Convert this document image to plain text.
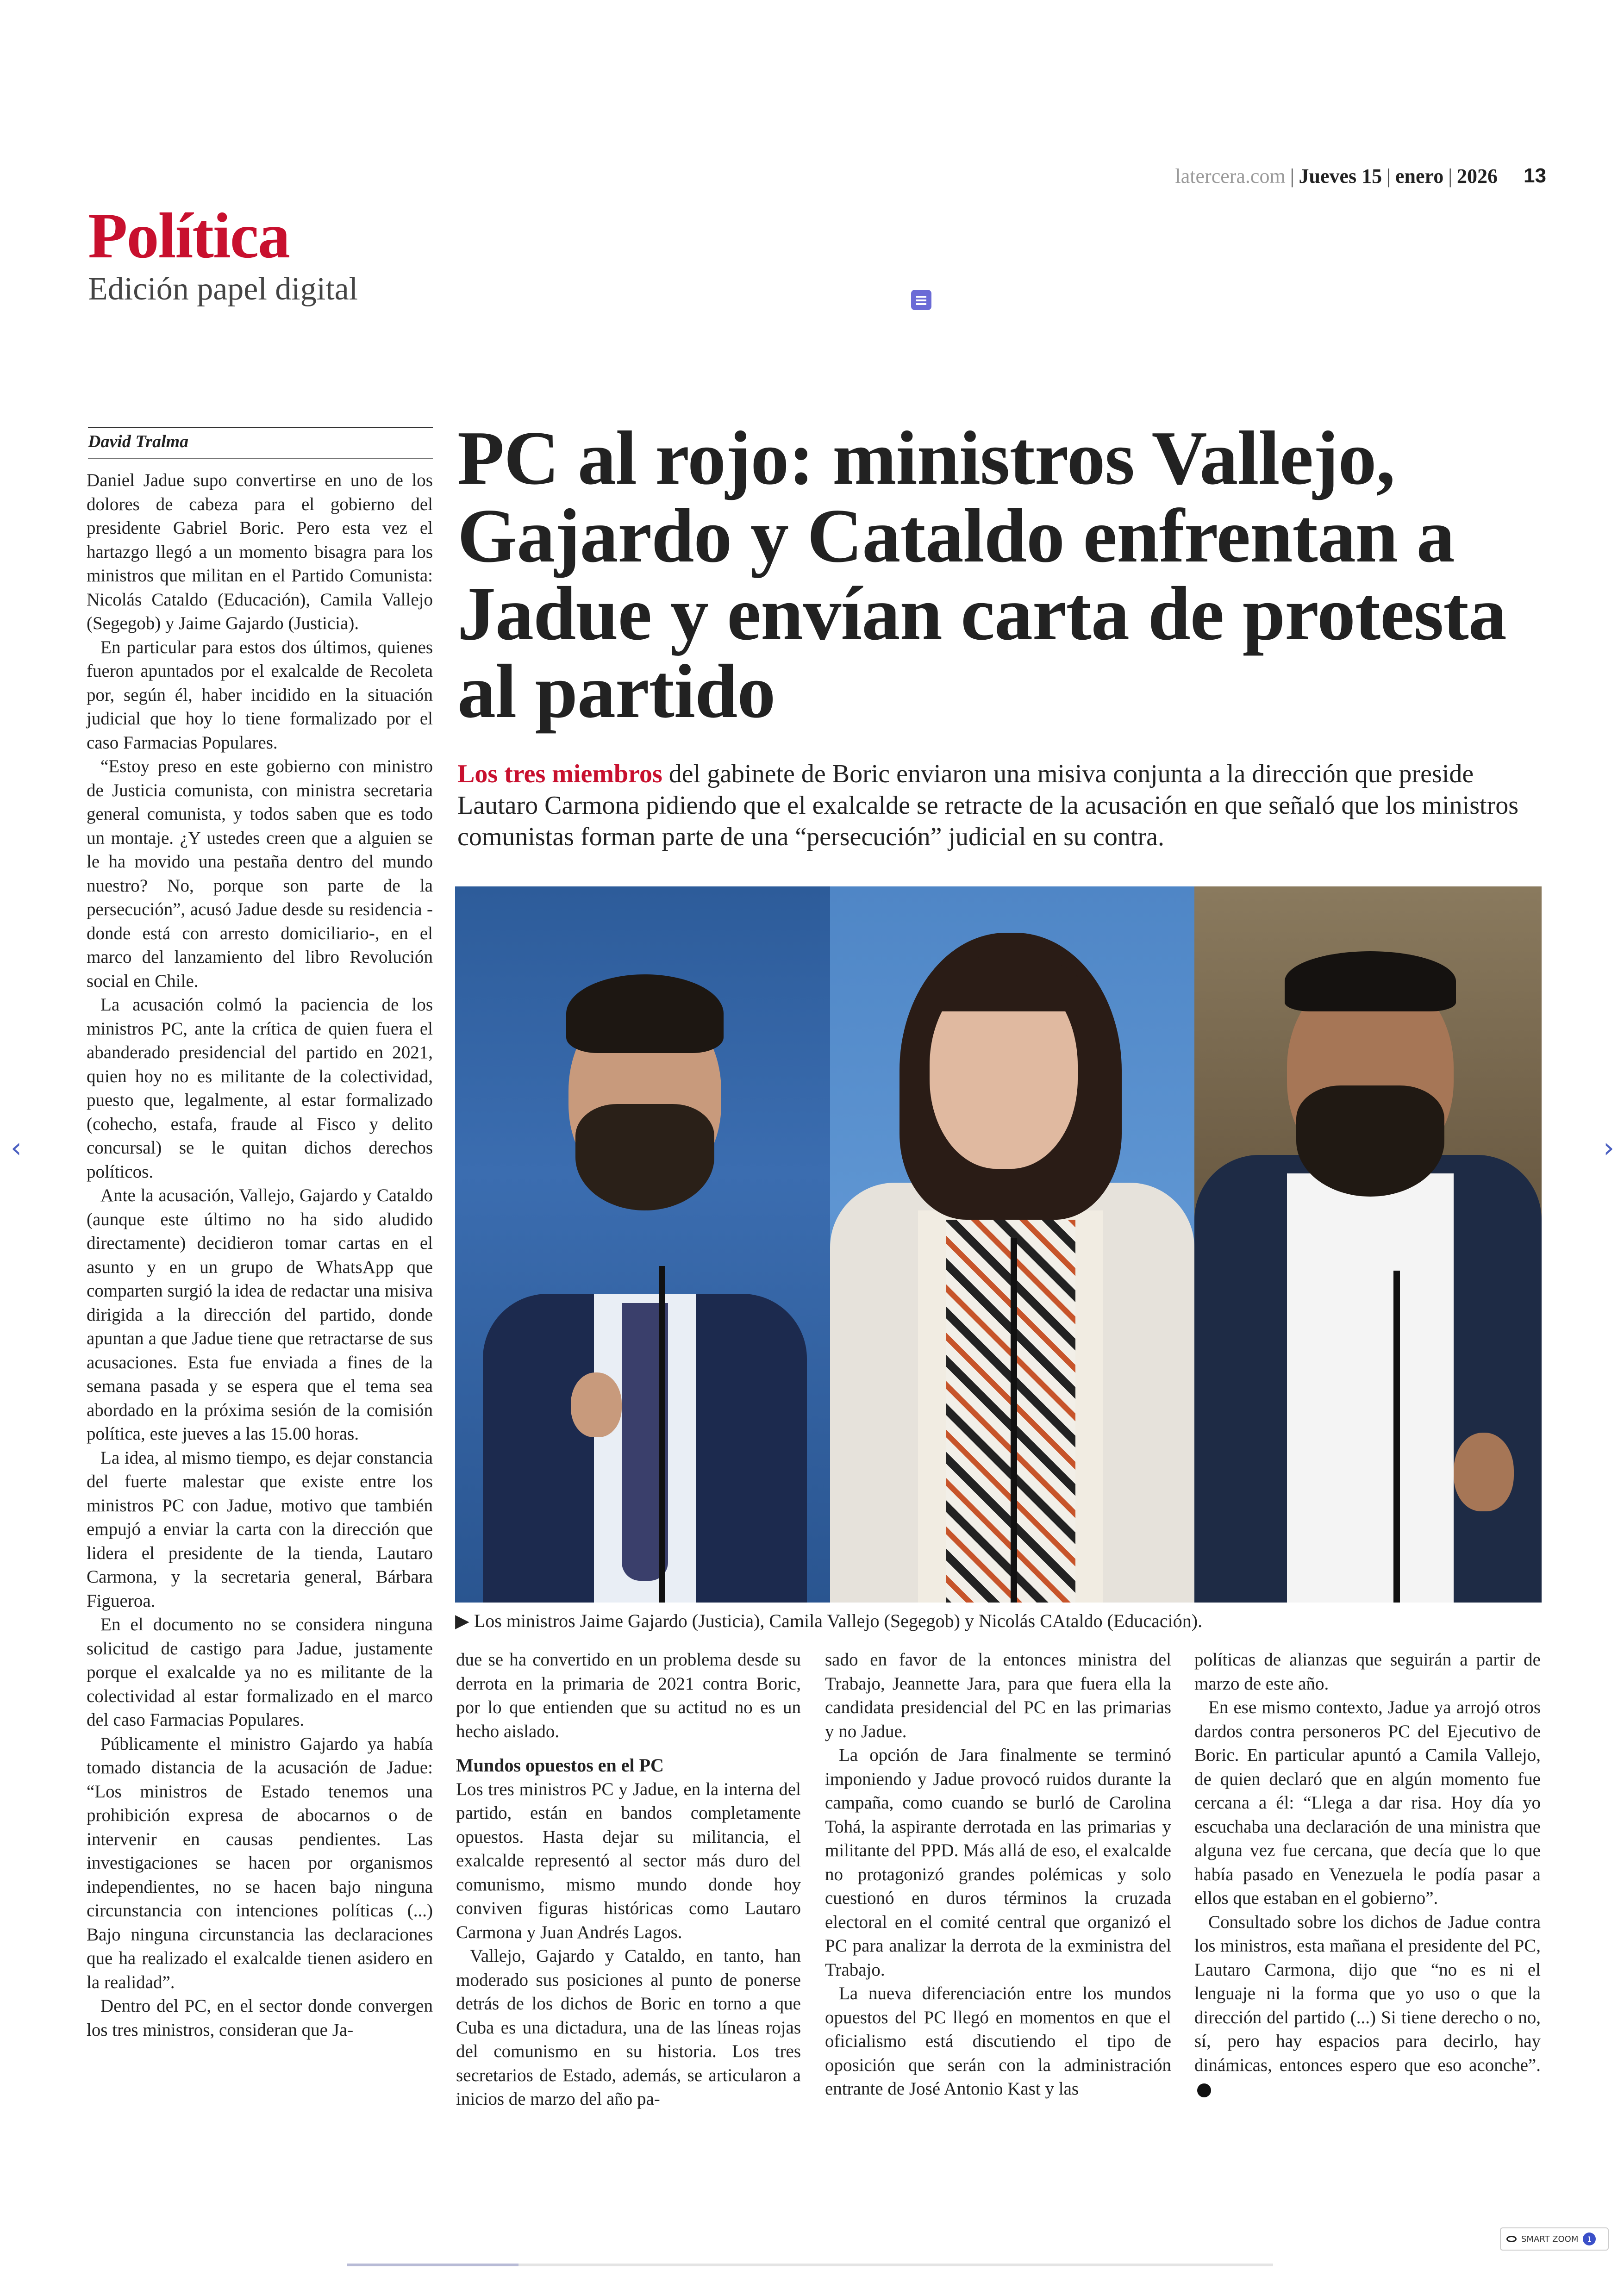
latercera.com | Jueves 15 | enero | 2026 13
Política
Edición papel digital
David Tralma	PC al rojo: ministros Vallejo, Gajardo y Cataldo enfrentan a Jadue y envían carta de protesta al partido
Los tres miembros del gabinete de Boric enviaron una misiva conjunta a la dirección que preside Lautaro Carmona pidiendo que el exalcalde se retracte de la acusación en que señaló que los ministros comunistas forman parte de una “persecución” judicial en su contra.
▶ Los ministros Jaime Gajardo (Justicia), Camila Vallejo (Segegob) y Nicolás CAtaldo (Educación).

Daniel Jadue supo convertirse en uno de los dolores de cabeza para el gobierno del presidente Gabriel Boric. Pero esta vez el hartazgo llegó a un momento bisagra para los ministros que militan en el Partido Comunista: Nicolás Cataldo (Educación), Camila Vallejo (Segegob) y Jaime Gajardo (Justicia).

En particular para estos dos últimos, quienes fueron apuntados por el exalcalde de Recoleta por, según él, haber incidido en la situación judicial que hoy lo tiene formalizado por el caso Farmacias Populares.

“Estoy preso en este gobierno con ministro de Justicia comunista, con ministra secretaria general comunista, y todos saben que es todo un montaje. ¿Y ustedes creen que a alguien se le ha movido una pestaña dentro del mundo nuestro? No, porque son parte de la persecución”, acusó Jadue desde su residencia -donde está con arresto domiciliario-, en el marco del lanzamiento del libro Revolución social en Chile.

La acusación colmó la paciencia de los ministros PC, ante la crítica de quien fuera el abanderado presidencial del partido en 2021, quien hoy no es militante de la colectividad, puesto que, legalmente, al estar formalizado (cohecho, estafa, fraude al Fisco y delito concursal) se le quitan dichos derechos políticos.

Ante la acusación, Vallejo, Gajardo y Cataldo (aunque este último no ha sido aludido directamente) decidieron tomar cartas en el asunto y en un grupo de WhatsApp que comparten surgió la idea de redactar una misiva dirigida a la dirección del partido, donde apuntan a que Jadue tiene que retractarse de sus acusaciones. Esta fue enviada a fines de la semana pasada y se espera que el tema sea abordado en la próxima sesión de la comisión política, este jueves a las 15.00 horas.

La idea, al mismo tiempo, es dejar constancia del fuerte malestar que existe entre los ministros PC con Jadue, motivo que también empujó a enviar la carta con la dirección que lidera el presidente de la tienda, Lautaro Carmona, y la secretaria general, Bárbara Figueroa.

En el documento no se considera ninguna solicitud de castigo para Jadue, justamente porque el exalcalde ya no es militante de la colectividad al estar formalizado en el marco del caso Farmacias Populares.

Públicamente el ministro Gajardo ya había tomado distancia de la acusación de Jadue: “Los ministros de Estado tenemos una prohibición expresa de abocarnos o de intervenir en causas pendientes. Las investigaciones se hacen por organismos independientes, no se hacen bajo ninguna circunstancia con intenciones políticas (...) Bajo ninguna circunstancia las declaraciones que ha realizado el exalcalde tienen asidero en la realidad”.

Dentro del PC, en el sector donde convergen los tres ministros, consideran que Ja-

due se ha convertido en un problema desde su derrota en la primaria de 2021 contra Boric, por lo que entienden que su actitud no es un hecho aislado.

Mundos opuestos en el PC

Los tres ministros PC y Jadue, en la interna del partido, están en bandos completamente opuestos. Hasta dejar su militancia, el exalcalde representó al sector más duro del comunismo, mismo mundo donde hoy conviven figuras históricas como Lautaro Carmona y Juan Andrés Lagos.

Vallejo, Gajardo y Cataldo, en tanto, han moderado sus posiciones al punto de ponerse detrás de los dichos de Boric en torno a que Cuba es una dictadura, una de las líneas rojas del comunismo en su historia. Los tres secretarios de Estado, además, se articularon a inicios de marzo del año pa-

sado en favor de la entonces ministra del Trabajo, Jeannette Jara, para que fuera ella la candidata presidencial del PC en las primarias y no Jadue.

La opción de Jara finalmente se terminó imponiendo y Jadue provocó ruidos durante la campaña, como cuando se burló de Carolina Tohá, la aspirante derrotada en las primarias y militante del PPD. Más allá de eso, el exalcalde no protagonizó grandes polémicas y solo cuestionó en duros términos la cruzada electoral en el comité central que organizó el PC para analizar la derrota de la exministra del Trabajo.

La nueva diferenciación entre los mundos opuestos del PC llegó en momentos en que el oficialismo está discutiendo el tipo de oposición que serán con la administración entrante de José Antonio Kast y las

políticas de alianzas que seguirán a partir de marzo de este año.

En ese mismo contexto, Jadue ya arrojó otros dardos contra personeros PC del Ejecutivo de Boric. En particular apuntó a Camila Vallejo, de quien declaró que en algún momento fue cercana a él: “Llega a dar risa. Hoy día yo escuchaba una declaración de una ministra que alguna vez fue cercana, que decía que lo que había pasado en Venezuela le podía pasar a ellos que estaban en el gobierno”.

Consultado sobre los dichos de Jadue contra los ministros, esta mañana el presidente del PC, Lautaro Carmona, dijo que “no es ni el lenguaje ni la forma que yo uso o que la dirección del partido (...) Si tiene derecho o no, sí, pero hay espacios para decirlo, hay dinámicas, entonces espero que eso aconche”.

‹	›
SMART ZOOM	1
